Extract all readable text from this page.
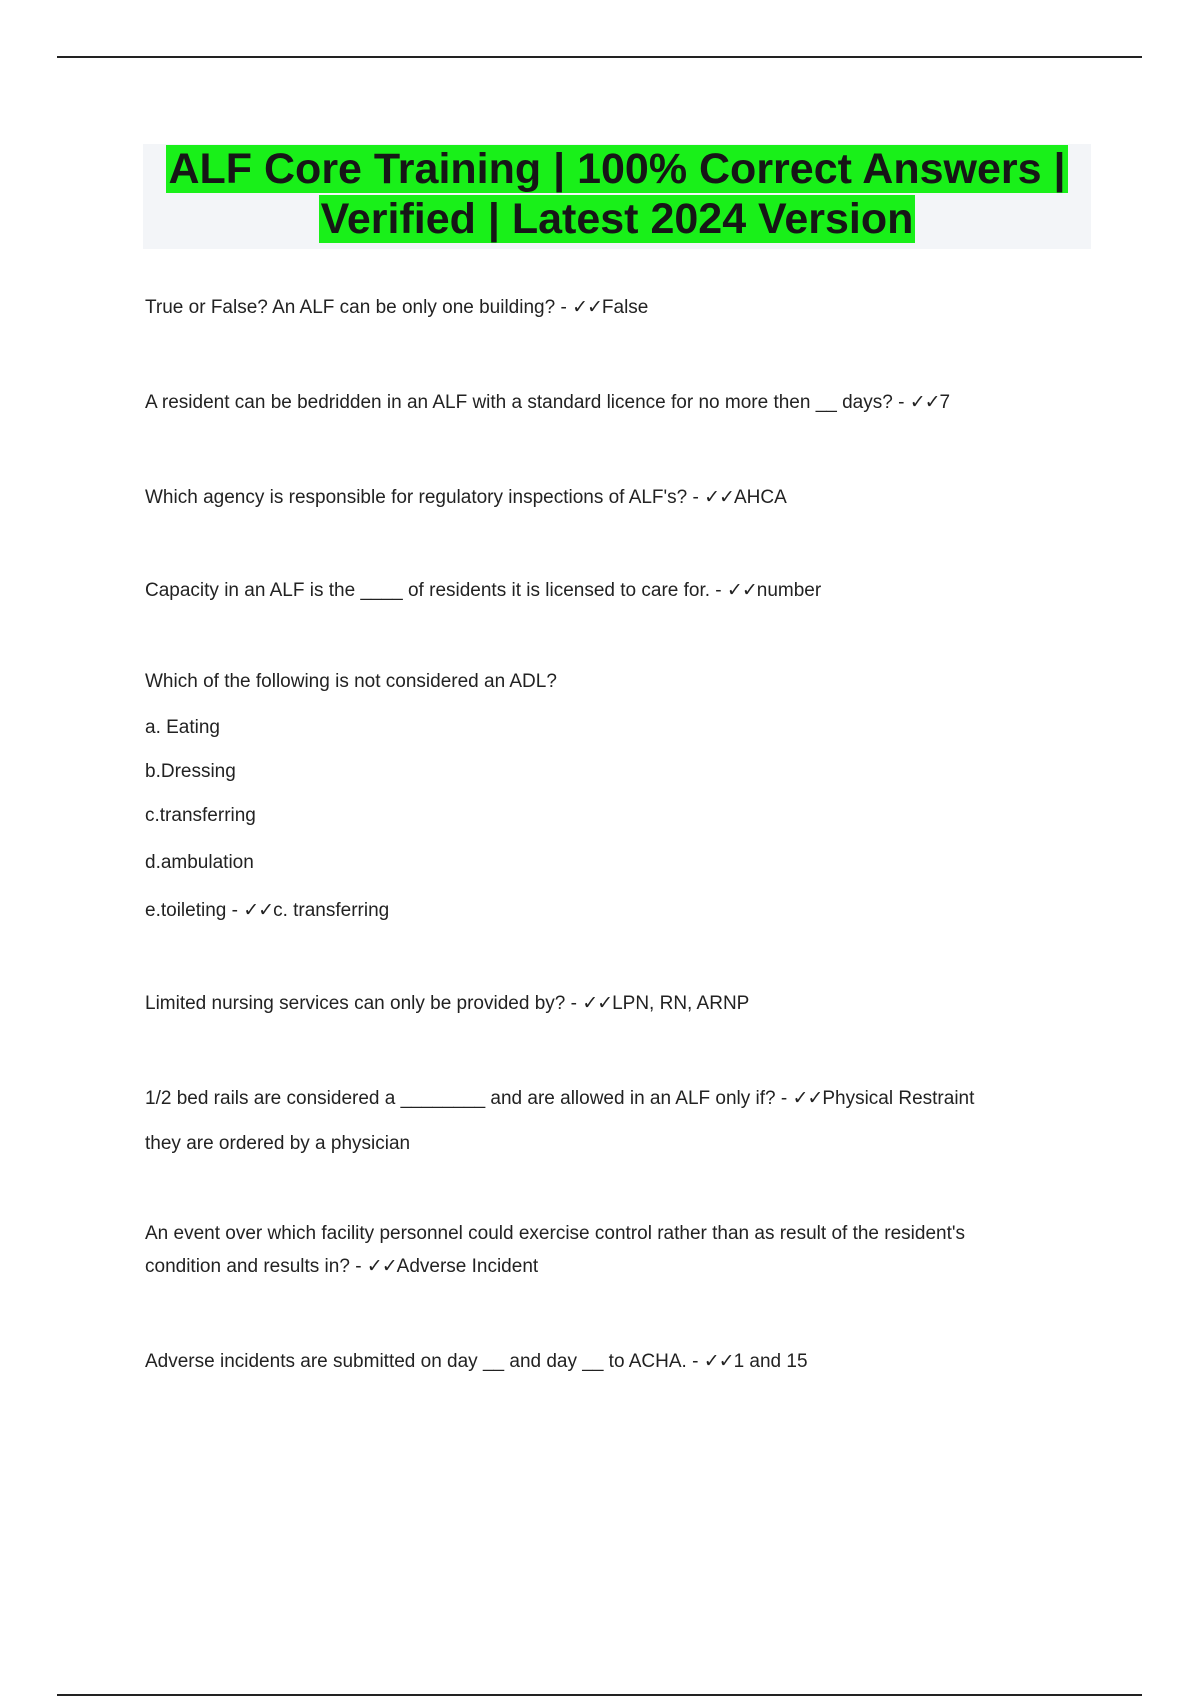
ALF Core Training | 100% Correct Answers |
Verified | Latest 2024 Version
True or False? An ALF can be only one building? - ✓✓False
A resident can be bedridden in an ALF with a standard licence for no more then __ days? - ✓✓7
Which agency is responsible for regulatory inspections of ALF's? - ✓✓AHCA
Capacity in an ALF is the ____ of residents it is licensed to care for. - ✓✓number
Which of the following is not considered an ADL?
a. Eating
b.Dressing
c.transferring
d.ambulation
e.toileting - ✓✓c. transferring
Limited nursing services can only be provided by? - ✓✓LPN, RN, ARNP
1/2 bed rails are considered a ________ and are allowed in an ALF only if? - ✓✓Physical Restraint
they are ordered by a physician
An event over which facility personnel could exercise control rather than as result of the resident's
condition and results in? - ✓✓Adverse Incident
Adverse incidents are submitted on day __ and day __ to ACHA. - ✓✓1 and 15
